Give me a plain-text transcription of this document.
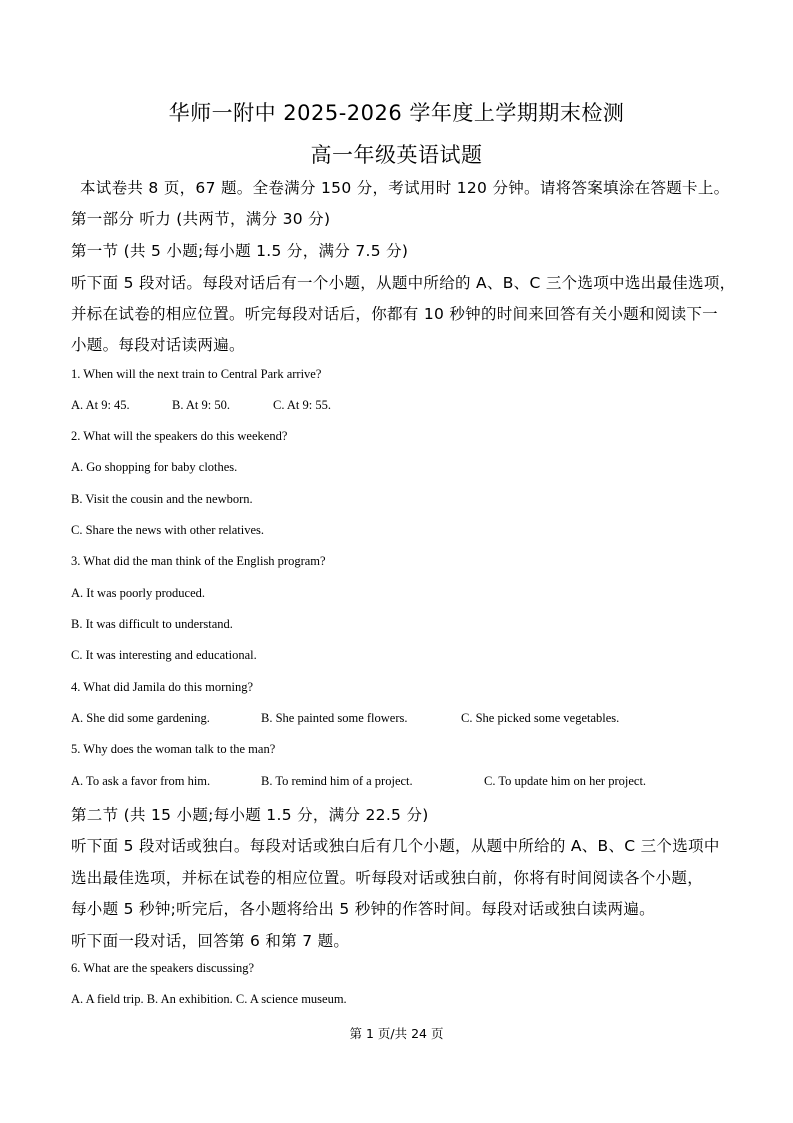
华师一附中 2025-2026 学年度上学期期末检测
高一年级英语试题
本试卷共 8 页，67 题。全卷满分 150 分，考试用时 120 分钟。请将答案填涂在答题卡上。
第一部分 听力 (共两节，满分 30 分)
第一节 (共 5 小题;每小题 1.5 分，满分 7.5 分)
听下面 5 段对话。每段对话后有一个小题，从题中所给的 A、B、C 三个选项中选出最佳选项，
并标在试卷的相应位置。听完每段对话后，你都有 10 秒钟的时间来回答有关小题和阅读下一
小题。每段对话读两遍。
1. When will the next train to Central Park arrive?
A. At 9: 45.	B. At 9: 50.	C. At 9: 55.
2. What will the speakers do this weekend?
A. Go shopping for baby clothes.
B. Visit the cousin and the newborn.
C. Share the news with other relatives.
3. What did the man think of the English program?
A. It was poorly produced.
B. It was difficult to understand.
C. It was interesting and educational.
4. What did Jamila do this morning?
A. She did some gardening.	B. She painted some flowers.	C. She picked some vegetables.
5. Why does the woman talk to the man?
A. To ask a favor from him.	B. To remind him of a project.	C. To update him on her project.
第二节 (共 15 小题;每小题 1.5 分，满分 22.5 分)
听下面 5 段对话或独白。每段对话或独白后有几个小题，从题中所给的 A、B、C 三个选项中
选出最佳选项，并标在试卷的相应位置。听每段对话或独白前，你将有时间阅读各个小题，
每小题 5 秒钟;听完后，各小题将给出 5 秒钟的作答时间。每段对话或独白读两遍。
听下面一段对话，回答第 6 和第 7 题。
6. What are the speakers discussing?
A. A field trip. B. An exhibition. C. A science museum.
第 1 页/共 24 页
